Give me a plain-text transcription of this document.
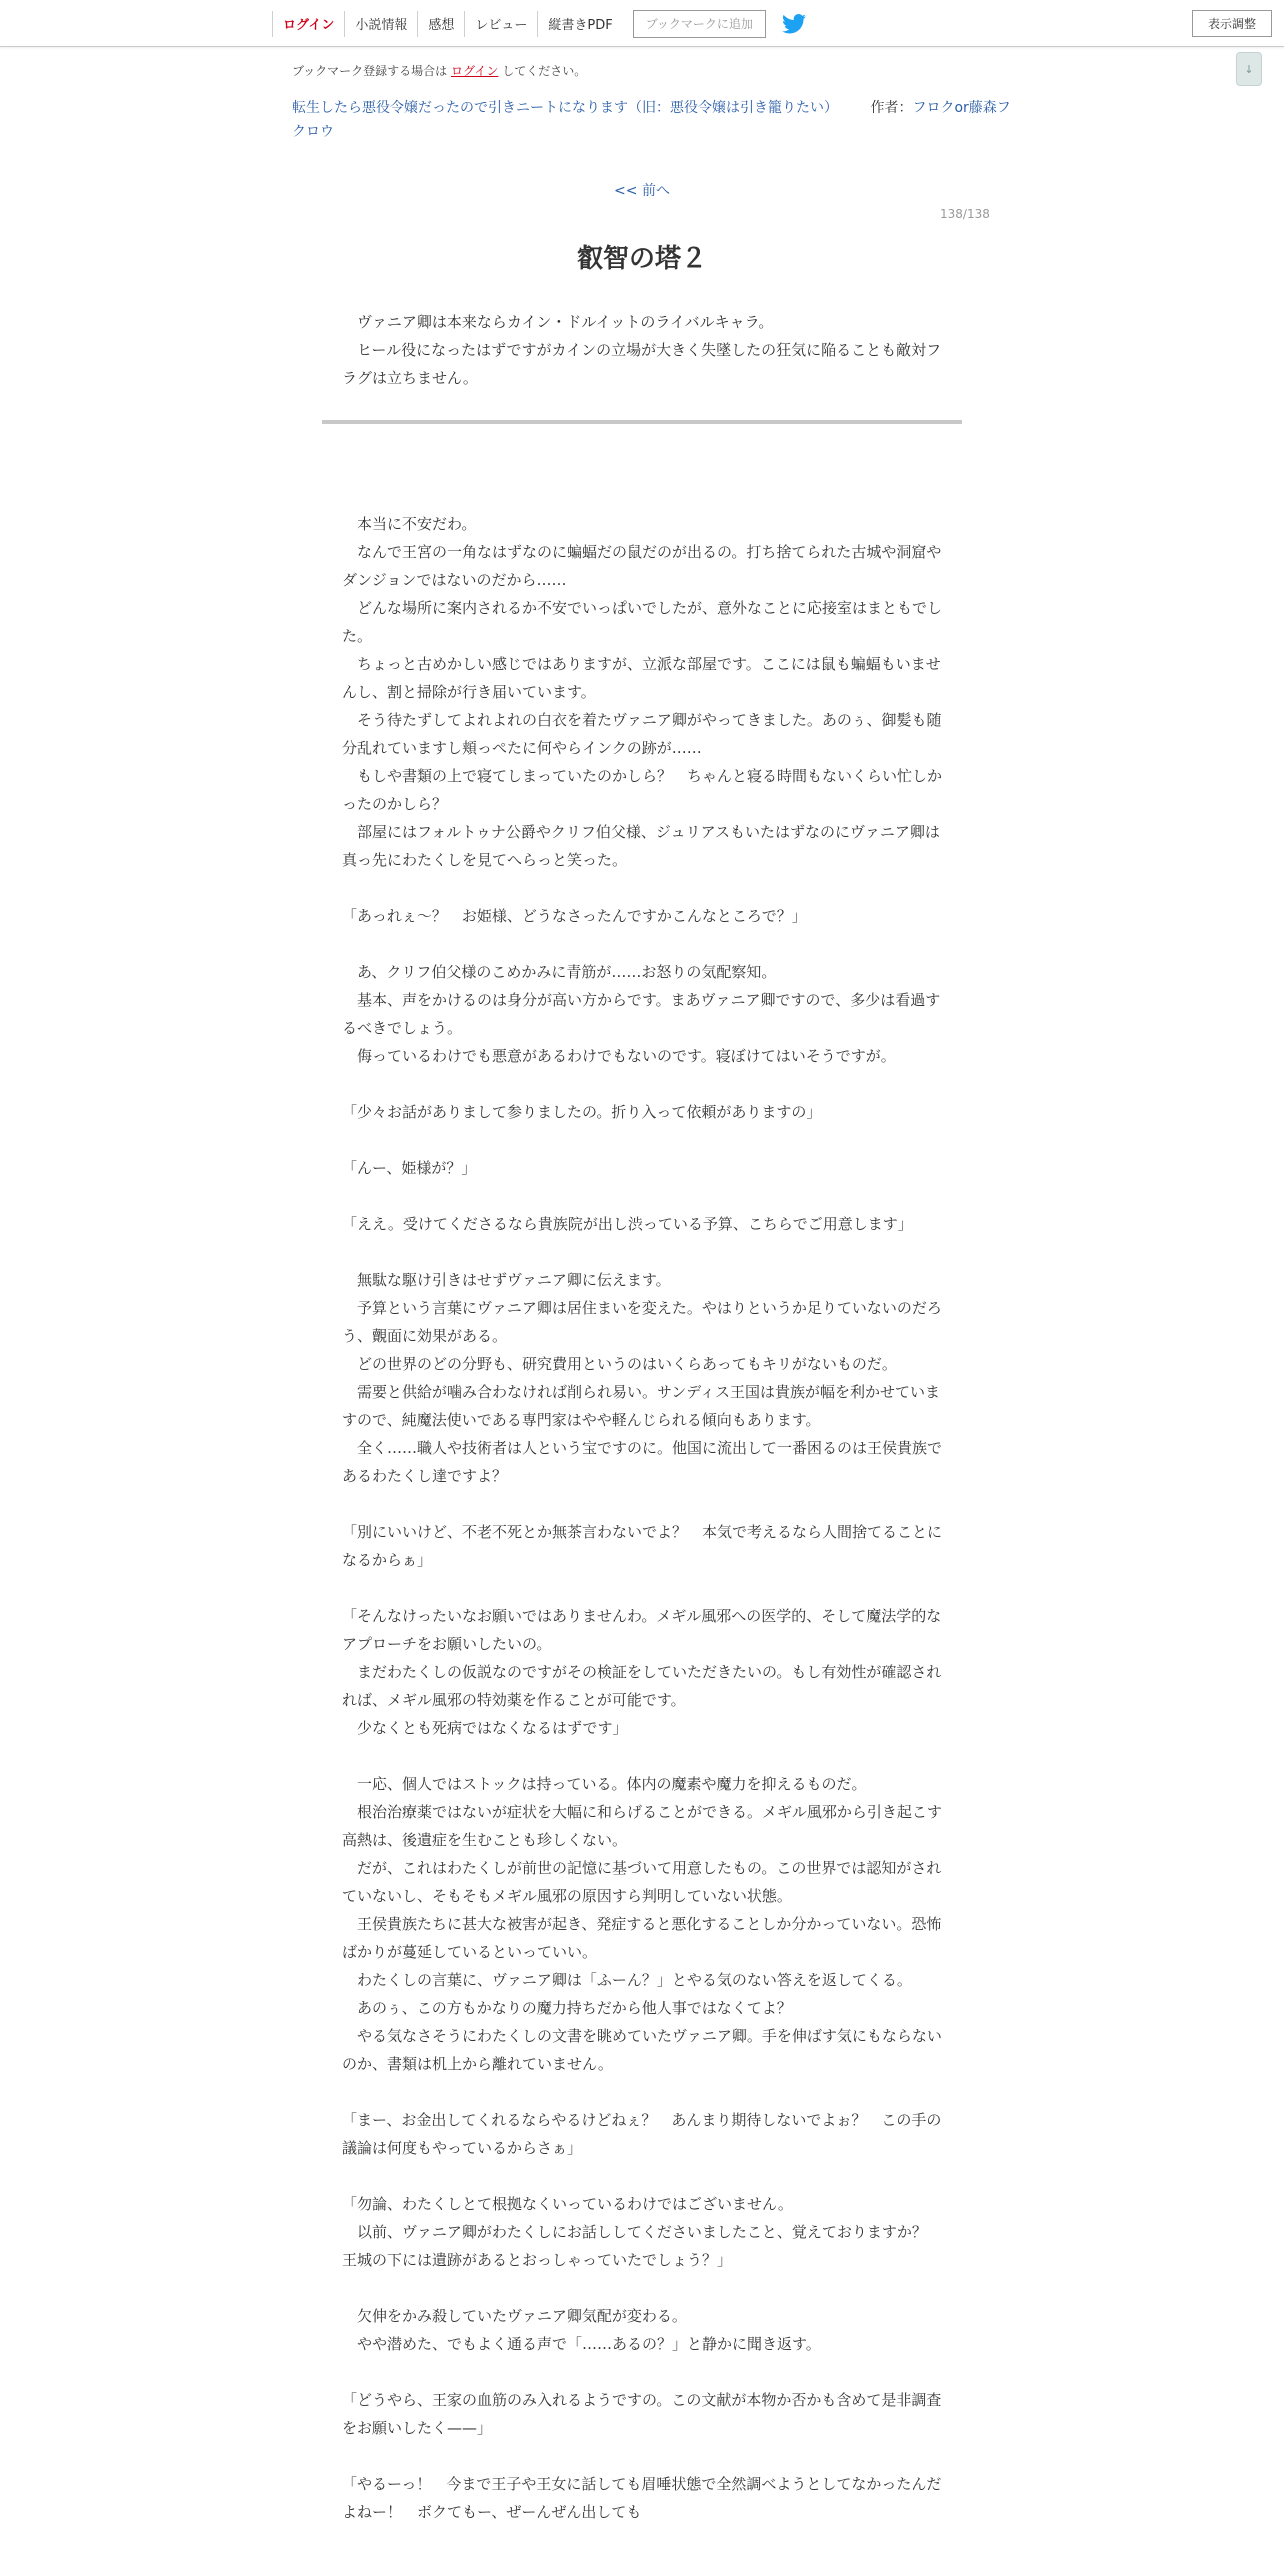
ログイン	小説情報	感想	レビュー	縦書きPDF	ブックマークに追加	表示調整
↓
ブックマーク登録する場合は ログイン してください。
転生したら悪役令嬢だったので引きニートになります（旧：悪役令嬢は引き籠りたい） 作者：フロクor藤森フクロウ
<< 前へ
138/138
叡智の塔２

ヴァニア卿は本来ならカイン・ドルイットのライバルキャラ。

ヒール役になったはずですがカインの立場が大きく失墜したの狂気に陥ることも敵対フラグは立ちません。

本当に不安だわ。

なんで王宮の一角なはずなのに蝙蝠だの鼠だのが出るの。打ち捨てられた古城や洞窟やダンジョンではないのだから……

どんな場所に案内されるか不安でいっぱいでしたが、意外なことに応接室はまともでした。

ちょっと古めかしい感じではありますが、立派な部屋です。ここには鼠も蝙蝠もいませんし、割と掃除が行き届いています。

そう待たずしてよれよれの白衣を着たヴァニア卿がやってきました。あのぅ、御髪も随分乱れていますし頬っぺたに何やらインクの跡が……

もしや書類の上で寝てしまっていたのかしら？　ちゃんと寝る時間もないくらい忙しかったのかしら？

部屋にはフォルトゥナ公爵やクリフ伯父様、ジュリアスもいたはずなのにヴァニア卿は真っ先にわたくしを見てへらっと笑った。

「あっれぇ～？　お姫様、どうなさったんですかこんなところで？」

あ、クリフ伯父様のこめかみに青筋が……お怒りの気配察知。

基本、声をかけるのは身分が高い方からです。まあヴァニア卿ですので、多少は看過するべきでしょう。

侮っているわけでも悪意があるわけでもないのです。寝ぼけてはいそうですが。

「少々お話がありまして参りましたの。折り入って依頼がありますの」

「んー、姫様が？」

「ええ。受けてくださるなら貴族院が出し渋っている予算、こちらでご用意します」

無駄な駆け引きはせずヴァニア卿に伝えます。

予算という言葉にヴァニア卿は居住まいを変えた。やはりというか足りていないのだろう、覿面に効果がある。

どの世界のどの分野も、研究費用というのはいくらあってもキリがないものだ。

需要と供給が噛み合わなければ削られ易い。サンディス王国は貴族が幅を利かせていますので、純魔法使いである専門家はやや軽んじられる傾向もあります。

全く……職人や技術者は人という宝ですのに。他国に流出して一番困るのは王侯貴族であるわたくし達ですよ？

「別にいいけど、不老不死とか無茶言わないでよ？　本気で考えるなら人間捨てることになるからぁ」

「そんなけったいなお願いではありませんわ。メギル風邪への医学的、そして魔法学的なアプローチをお願いしたいの。

まだわたくしの仮説なのですがその検証をしていただきたいの。もし有効性が確認されれば、メギル風邪の特効薬を作ることが可能です。

少なくとも死病ではなくなるはずです」

一応、個人ではストックは持っている。体内の魔素や魔力を抑えるものだ。

根治治療薬ではないが症状を大幅に和らげることができる。メギル風邪から引き起こす高熱は、後遺症を生むことも珍しくない。

だが、これはわたくしが前世の記憶に基づいて用意したもの。この世界では認知がされていないし、そもそもメギル風邪の原因すら判明していない状態。

王侯貴族たちに甚大な被害が起き、発症すると悪化することしか分かっていない。恐怖ばかりが蔓延しているといっていい。

わたくしの言葉に、ヴァニア卿は「ふーん？」とやる気のない答えを返してくる。

あのぅ、この方もかなりの魔力持ちだから他人事ではなくてよ？

やる気なさそうにわたくしの文書を眺めていたヴァニア卿。手を伸ばす気にもならないのか、書類は机上から離れていません。

「まー、お金出してくれるならやるけどねぇ？　あんまり期待しないでよぉ？　この手の議論は何度もやっているからさぁ」

「勿論、わたくしとて根拠なくいっているわけではございません。

以前、ヴァニア卿がわたくしにお話ししてくださいましたこと、覚えておりますか？　王城の下には遺跡があるとおっしゃっていたでしょう？」

欠伸をかみ殺していたヴァニア卿気配が変わる。

やや潜めた、でもよく通る声で「……あるの？」と静かに聞き返す。

「どうやら、王家の血筋のみ入れるようですの。この文献が本物か否かも含めて是非調査をお願いしたく——」

「やるーっ！　今まで王子や王女に話しても眉唾状態で全然調べようとしてなかったんだよねー！　ボクてもー、ぜーんぜん出しても
